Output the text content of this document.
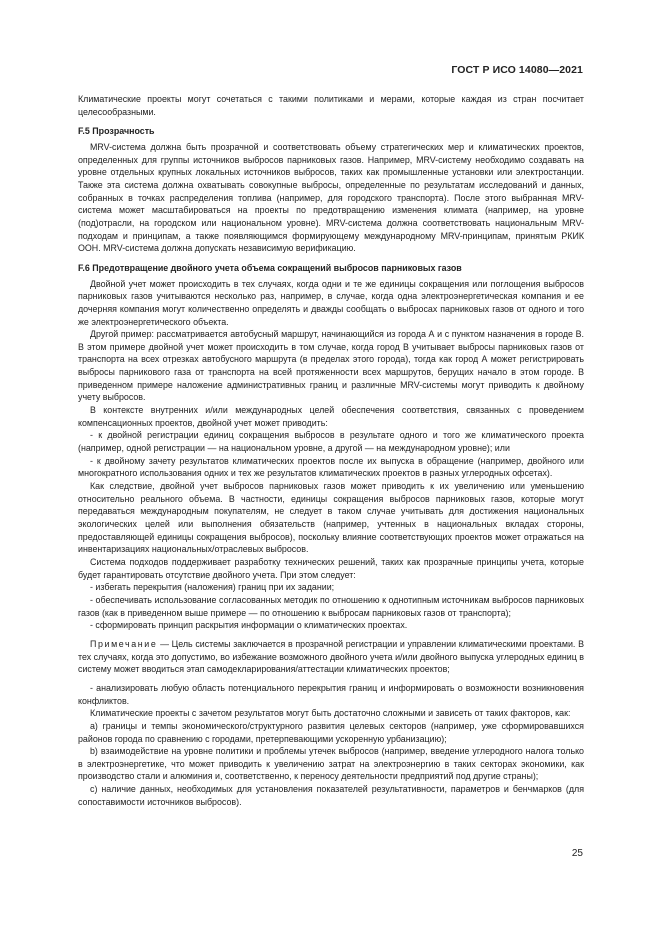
ГОСТ Р ИСО 14080—2021

Климатические проекты могут сочетаться с такими политиками и мерами, которые каждая из стран посчитает целесообразными.

F.5 Прозрачность

MRV-система должна быть прозрачной и соответствовать объему стратегических мер и климатических проектов, определенных для группы источников выбросов парниковых газов. Например, MRV-систему необходимо создавать на уровне отдельных крупных локальных источников выбросов, таких как промышленные установки или электростанции. Также эта система должна охватывать совокупные выбросы, определенные по результатам исследований и данных, собранных в точках распределения топлива (например, для городского транспорта). После этого выбранная MRV-система может масштабироваться на проекты по предотвращению изменения климата (например, на уровне (под)отрасли, на городском или национальном уровне). MRV-система должна соответствовать национальным MRV-подходам и принципам, а также появляющимся формирующему международному MRV-принципам, принятым РКИК ООН. MRV-система должна допускать независимую верификацию.

F.6 Предотвращение двойного учета объема сокращений выбросов парниковых газов

Двойной учет может происходить в тех случаях, когда одни и те же единицы сокращения или поглощения выбросов парниковых газов учитываются несколько раз, например, в случае, когда одна электроэнергетическая компания и ее дочерняя компания могут количественно определять и дважды сообщать о выбросах парниковых газов от одного и того же электроэнергетического объекта.

Другой пример: рассматривается автобусный маршрут, начинающийся из города А и с пунктом назначения в городе В. В этом примере двойной учет может происходить в том случае, когда город В учитывает выбросы парниковых газов от транспорта на всех отрезках автобусного маршрута (в пределах этого города), тогда как город А может регистрировать выбросы парникового газа от транспорта на всей протяженности всех маршрутов, берущих начало в этом городе. В приведенном примере наложение административных границ и различные MRV-системы могут приводить к двойному учету выбросов.

В контексте внутренних и/или международных целей обеспечения соответствия, связанных с проведением компенсационных проектов, двойной учет может приводить:

- к двойной регистрации единиц сокращения выбросов в результате одного и того же климатического проекта (например, одной регистрации — на национальном уровне, а другой — на международном уровне); или

- к двойному зачету результатов климатических проектов после их выпуска в обращение (например, двойного или многократного использования одних и тех же результатов климатических проектов в разных углеродных офсетах).

Как следствие, двойной учет выбросов парниковых газов может приводить к их увеличению или уменьшению относительно реального объема. В частности, единицы сокращения выбросов парниковых газов, которые могут передаваться международным покупателям, не следует в таком случае учитывать для достижения национальных экологических целей или выполнения обязательств (например, учтенных в национальных вкладах стороны, предоставляющей единицы сокращения выбросов), поскольку влияние соответствующих проектов может отражаться на инвентаризациях национальных/отраслевых выбросов.

Система подходов поддерживает разработку технических решений, таких как прозрачные принципы учета, которые будет гарантировать отсутствие двойного учета. При этом следует:

- избегать перекрытия (наложения) границ при их задании;

- обеспечивать использование согласованных методик по отношению к однотипным источникам выбросов парниковых газов (как в приведенном выше примере — по отношению к выбросам парниковых газов от транспорта);

- сформировать принцип раскрытия информации о климатических проектах.

Примечание — Цель системы заключается в прозрачной регистрации и управлении климатическими проектами. В тех случаях, когда это допустимо, во избежание возможного двойного учета и/или двойного выпуска углеродных единиц в систему может вводиться этап самодекларирования/аттестации климатических проектов;

- анализировать любую область потенциального перекрытия границ и информировать о возможности возникновения конфликтов.

Климатические проекты с зачетом результатов могут быть достаточно сложными и зависеть от таких факторов, как:

a) границы и темпы экономического/структурного развития целевых секторов (например, уже сформировавшихся районов города по сравнению с городами, претерпевающими ускоренную урбанизацию);

b) взаимодействие на уровне политики и проблемы утечек выбросов (например, введение углеродного налога только в электроэнергетике, что может приводить к увеличению затрат на электроэнергию в таких секторах экономики, как производство стали и алюминия и, соответственно, к переносу деятельности предприятий под другие страны);

c) наличие данных, необходимых для установления показателей результативности, параметров и бенчмарков (для сопоставимости источников выбросов).

25
